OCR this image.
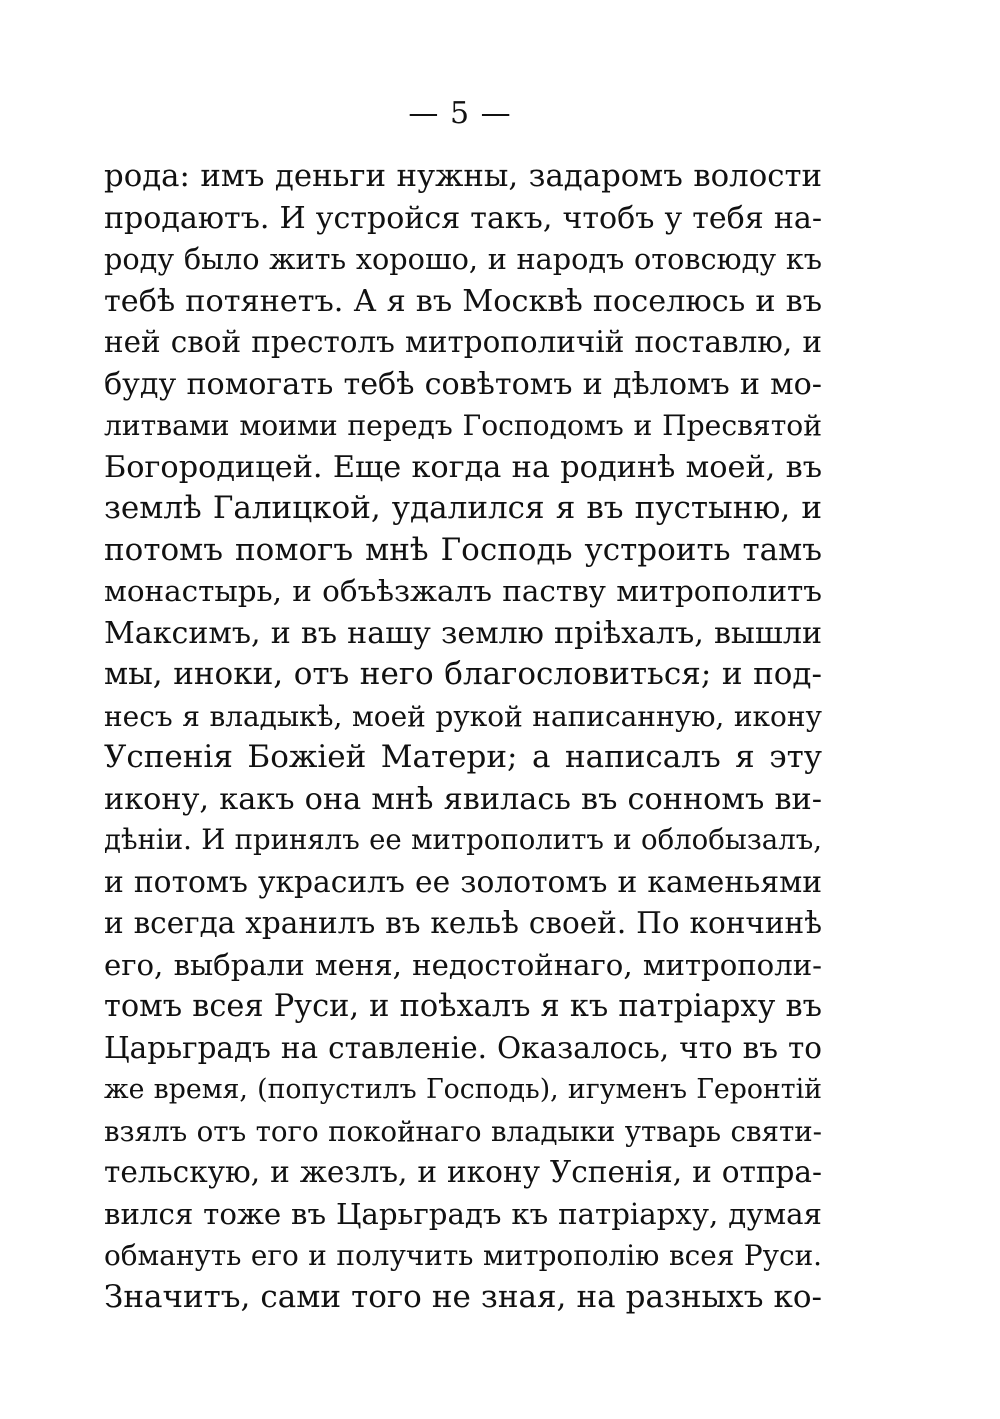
— 5 —
рода: имъ деньги нужны, задаромъ волости
продаютъ. И устройся такъ, чтобъ у тебя на-
роду было жить хорошо, и народъ отовсюду къ
тебѣ потянетъ. А я въ Москвѣ поселюсь и въ
ней свой престолъ митрополичій поставлю, и
буду помогать тебѣ совѣтомъ и дѣломъ и мо-
литвами моими передъ Господомъ и Пресвятой
Богородицей. Еще когда на родинѣ моей, въ
землѣ Галицкой, удалился я въ пустыню, и
потомъ помогъ мнѣ Господь устроить тамъ
монастырь, и объѣзжалъ паству митрополитъ
Максимъ, и въ нашу землю пріѣхалъ, вышли
мы, иноки, отъ него благословиться; и под-
несъ я владыкѣ, моей рукой написанную, икону
Успенія Божіей Матери; а написалъ я эту
икону, какъ она мнѣ явилась въ сонномъ ви-
дѣніи. И принялъ ее митрополитъ и облобызалъ,
и потомъ украсилъ ее золотомъ и каменьями
и всегда хранилъ въ кельѣ своей. По кончинѣ
его, выбрали меня, недостойнаго, митрополи-
томъ всея Руси, и поѣхалъ я къ патріарху въ
Царьградъ на ставленіе. Оказалось, что въ то
же время, (попустилъ Господь), игуменъ Геронтій
взялъ отъ того покойнаго владыки утварь святи-
тельскую, и жезлъ, и икону Успенія, и отпра-
вился тоже въ Царьградъ къ патріарху, думая
обмануть его и получить митрополію всея Руси.
Значитъ, сами того не зная, на разныхъ ко-
